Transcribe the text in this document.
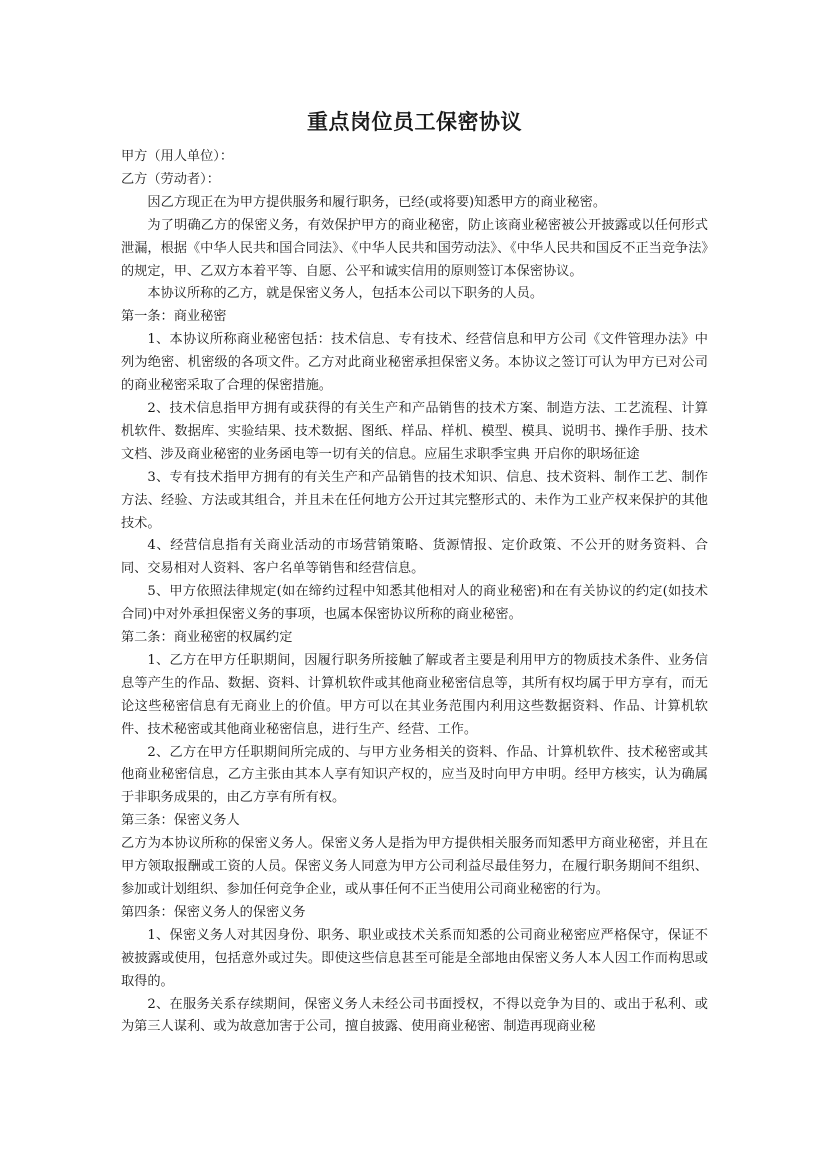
重点岗位员工保密协议

甲方（用人单位）：

乙方（劳动者）：

因乙方现正在为甲方提供服务和履行职务，已经(或将要)知悉甲方的商业秘密。

为了明确乙方的保密义务，有效保护甲方的商业秘密，防止该商业秘密被公开披露或以任何形式泄漏，根据《中华人民共和国合同法》、《中华人民共和国劳动法》、《中华人民共和国反不正当竞争法》的规定，甲、乙双方本着平等、自愿、公平和诚实信用的原则签订本保密协议。

本协议所称的乙方，就是保密义务人，包括本公司以下职务的人员。

第一条：商业秘密

1、本协议所称商业秘密包括：技术信息、专有技术、经营信息和甲方公司《文件管理办法》中列为绝密、机密级的各项文件。乙方对此商业秘密承担保密义务。本协议之签订可认为甲方已对公司的商业秘密采取了合理的保密措施。

2、技术信息指甲方拥有或获得的有关生产和产品销售的技术方案、制造方法、工艺流程、计算机软件、数据库、实验结果、技术数据、图纸、样品、样机、模型、模具、说明书、操作手册、技术文档、涉及商业秘密的业务函电等一切有关的信息。应届生求职季宝典 开启你的职场征途

3、专有技术指甲方拥有的有关生产和产品销售的技术知识、信息、技术资料、制作工艺、制作方法、经验、方法或其组合，并且未在任何地方公开过其完整形式的、未作为工业产权来保护的其他技术。

4、经营信息指有关商业活动的市场营销策略、货源情报、定价政策、不公开的财务资料、合同、交易相对人资料、客户名单等销售和经营信息。

5、甲方依照法律规定(如在缔约过程中知悉其他相对人的商业秘密)和在有关协议的约定(如技术合同)中对外承担保密义务的事项，也属本保密协议所称的商业秘密。

第二条：商业秘密的权属约定

1、乙方在甲方任职期间，因履行职务所接触了解或者主要是利用甲方的物质技术条件、业务信息等产生的作品、数据、资料、计算机软件或其他商业秘密信息等，其所有权均属于甲方享有，而无论这些秘密信息有无商业上的价值。甲方可以在其业务范围内利用这些数据资料、作品、计算机软件、技术秘密或其他商业秘密信息，进行生产、经营、工作。

2、乙方在甲方任职期间所完成的、与甲方业务相关的资料、作品、计算机软件、技术秘密或其他商业秘密信息，乙方主张由其本人享有知识产权的，应当及时向甲方申明。经甲方核实，认为确属于非职务成果的，由乙方享有所有权。

第三条：保密义务人

乙方为本协议所称的保密义务人。保密义务人是指为甲方提供相关服务而知悉甲方商业秘密，并且在甲方领取报酬或工资的人员。保密义务人同意为甲方公司利益尽最佳努力，在履行职务期间不组织、参加或计划组织、参加任何竞争企业，或从事任何不正当使用公司商业秘密的行为。

第四条：保密义务人的保密义务

1、保密义务人对其因身份、职务、职业或技术关系而知悉的公司商业秘密应严格保守，保证不被披露或使用，包括意外或过失。即使这些信息甚至可能是全部地由保密义务人本人因工作而构思或取得的。

2、在服务关系存续期间，保密义务人未经公司书面授权，不得以竞争为目的、或出于私利、或为第三人谋利、或为故意加害于公司，擅自披露、使用商业秘密、制造再现商业秘
